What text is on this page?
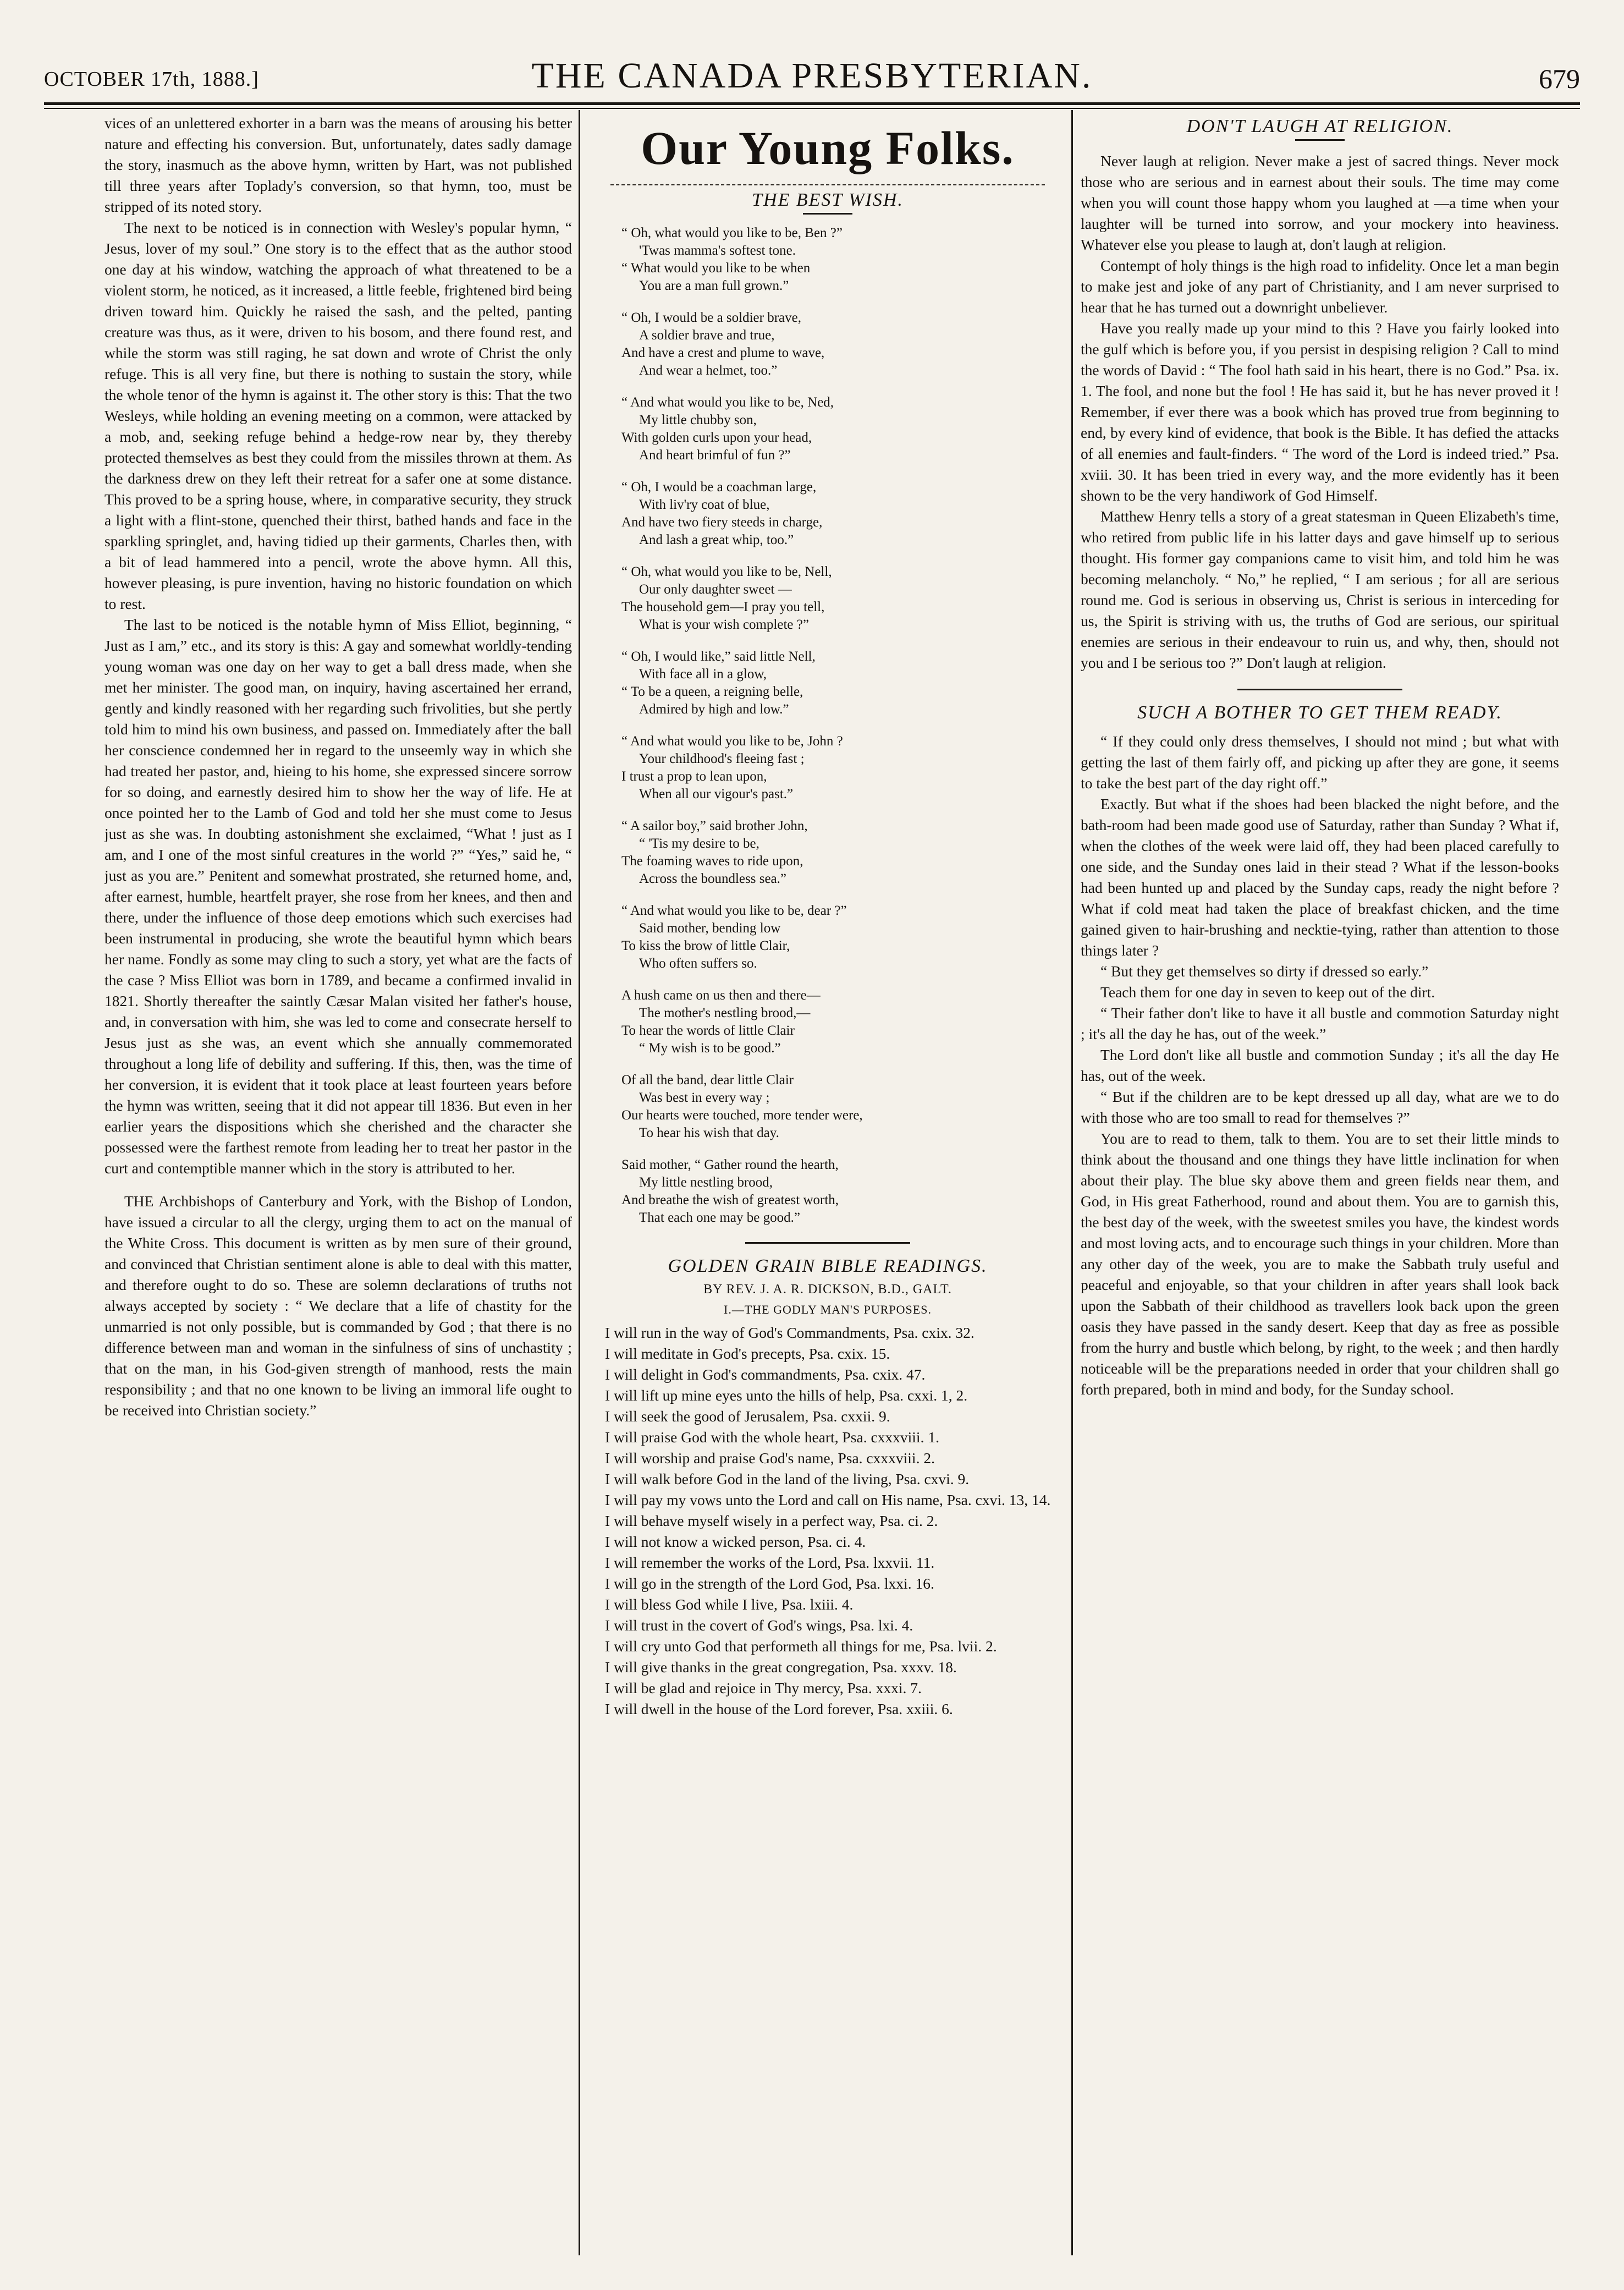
OCTOBER 17th, 1888.]	THE CANADA PRESBYTERIAN.	679

vices of an unlettered exhorter in a barn was the means of arousing his better nature and effecting his conversion. But, unfortunately, dates sadly damage the story, inasmuch as the above hymn, written by Hart, was not published till three years after Toplady's conversion, so that hymn, too, must be stripped of its noted story.

The next to be noticed is in connection with Wesley's popular hymn, “ Jesus, lover of my soul.” One story is to the effect that as the author stood one day at his window, watching the approach of what threatened to be a violent storm, he noticed, as it increased, a little feeble, frightened bird being driven toward him. Quickly he raised the sash, and the pelted, panting creature was thus, as it were, driven to his bosom, and there found rest, and while the storm was still raging, he sat down and wrote of Christ the only refuge. This is all very fine, but there is nothing to sustain the story, while the whole tenor of the hymn is against it. The other story is this: That the two Wesleys, while holding an evening meeting on a common, were attacked by a mob, and, seeking refuge behind a hedge-row near by, they thereby protected themselves as best they could from the missiles thrown at them. As the darkness drew on they left their retreat for a safer one at some distance. This proved to be a spring house, where, in comparative security, they struck a light with a flint-stone, quenched their thirst, bathed hands and face in the sparkling springlet, and, having tidied up their garments, Charles then, with a bit of lead hammered into a pencil, wrote the above hymn. All this, however pleasing, is pure invention, having no historic foundation on which to rest.

The last to be noticed is the notable hymn of Miss Elliot, beginning, “ Just as I am,” etc., and its story is this: A gay and somewhat worldly-tending young woman was one day on her way to get a ball dress made, when she met her minister. The good man, on inquiry, having ascertained her errand, gently and kindly reasoned with her regarding such frivolities, but she pertly told him to mind his own business, and passed on. Immediately after the ball her conscience condemned her in regard to the unseemly way in which she had treated her pastor, and, hieing to his home, she expressed sincere sorrow for so doing, and earnestly desired him to show her the way of life. He at once pointed her to the Lamb of God and told her she must come to Jesus just as she was. In doubting astonishment she exclaimed, “What ! just as I am, and I one of the most sinful creatures in the world ?” “Yes,” said he, “ just as you are.” Penitent and somewhat prostrated, she returned home, and, after earnest, humble, heartfelt prayer, she rose from her knees, and then and there, under the influence of those deep emotions which such exercises had been instrumental in producing, she wrote the beautiful hymn which bears her name. Fondly as some may cling to such a story, yet what are the facts of the case ? Miss Elliot was born in 1789, and became a confirmed invalid in 1821. Shortly thereafter the saintly Cæsar Malan visited her father's house, and, in conversation with him, she was led to come and consecrate herself to Jesus just as she was, an event which she annually commemorated throughout a long life of debility and suffering. If this, then, was the time of her conversion, it is evident that it took place at least fourteen years before the hymn was written, seeing that it did not appear till 1836. But even in her earlier years the dispositions which she cherished and the character she possessed were the farthest remote from leading her to treat her pastor in the curt and contemptible manner which in the story is attributed to her.

THE Archbishops of Canterbury and York, with the Bishop of London, have issued a circular to all the clergy, urging them to act on the manual of the White Cross. This document is written as by men sure of their ground, and convinced that Christian sentiment alone is able to deal with this matter, and therefore ought to do so. These are solemn declarations of truths not always accepted by society : “ We declare that a life of chastity for the unmarried is not only possible, but is commanded by God ; that there is no difference between man and woman in the sinfulness of sins of unchastity ; that on the man, in his God-given strength of manhood, rests the main responsibility ; and that no one known to be living an immoral life ought to be received into Christian society.”

Our Young Folks.
THE BEST WISH.
“ Oh, what would you like to be, Ben ?”
'Twas mamma's softest tone.
“ What would you like to be when
You are a man full grown.”
“ Oh, I would be a soldier brave,
A soldier brave and true,
And have a crest and plume to wave,
And wear a helmet, too.”
“ And what would you like to be, Ned,
My little chubby son,
With golden curls upon your head,
And heart brimful of fun ?”
“ Oh, I would be a coachman large,
With liv'ry coat of blue,
And have two fiery steeds in charge,
And lash a great whip, too.”
“ Oh, what would you like to be, Nell,
Our only daughter sweet —
The household gem—I pray you tell,
What is your wish complete ?”
“ Oh, I would like,” said little Nell,
With face all in a glow,
“ To be a queen, a reigning belle,
Admired by high and low.”
“ And what would you like to be, John ?
Your childhood's fleeing fast ;
I trust a prop to lean upon,
When all our vigour's past.”
“ A sailor boy,” said brother John,
“ 'Tis my desire to be,
The foaming waves to ride upon,
Across the boundless sea.”
“ And what would you like to be, dear ?”
Said mother, bending low
To kiss the brow of little Clair,
Who often suffers so.
A hush came on us then and there—
The mother's nestling brood,—
To hear the words of little Clair
“ My wish is to be good.”
Of all the band, dear little Clair
Was best in every way ;
Our hearts were touched, more tender were,
To hear his wish that day.
Said mother, “ Gather round the hearth,
My little nestling brood,
And breathe the wish of greatest worth,
That each one may be good.”
GOLDEN GRAIN BIBLE READINGS.
BY REV. J. A. R. DICKSON, B.D., GALT.
I.—THE GODLY MAN'S PURPOSES.

I will run in the way of God's Commandments, Psa. cxix. 32.

I will meditate in God's precepts, Psa. cxix. 15.

I will delight in God's commandments, Psa. cxix. 47.

I will lift up mine eyes unto the hills of help, Psa. cxxi. 1, 2.

I will seek the good of Jerusalem, Psa. cxxii. 9.

I will praise God with the whole heart, Psa. cxxxviii. 1.

I will worship and praise God's name, Psa. cxxxviii. 2.

I will walk before God in the land of the living, Psa. cxvi. 9.

I will pay my vows unto the Lord and call on His name, Psa. cxvi. 13, 14.

I will behave myself wisely in a perfect way, Psa. ci. 2.

I will not know a wicked person, Psa. ci. 4.

I will remember the works of the Lord, Psa. lxxvii. 11.

I will go in the strength of the Lord God, Psa. lxxi. 16.

I will bless God while I live, Psa. lxiii. 4.

I will trust in the covert of God's wings, Psa. lxi. 4.

I will cry unto God that performeth all things for me, Psa. lvii. 2.

I will give thanks in the great congregation, Psa. xxxv. 18.

I will be glad and rejoice in Thy mercy, Psa. xxxi. 7.

I will dwell in the house of the Lord forever, Psa. xxiii. 6.

DON'T LAUGH AT RELIGION.

Never laugh at religion. Never make a jest of sacred things. Never mock those who are serious and in earnest about their souls. The time may come when you will count those happy whom you laughed at —a time when your laughter will be turned into sorrow, and your mockery into heaviness. Whatever else you please to laugh at, don't laugh at religion.

Contempt of holy things is the high road to infidelity. Once let a man begin to make jest and joke of any part of Christianity, and I am never surprised to hear that he has turned out a downright unbeliever.

Have you really made up your mind to this ? Have you fairly looked into the gulf which is before you, if you persist in despising religion ? Call to mind the words of David : “ The fool hath said in his heart, there is no God.” Psa. ix. 1. The fool, and none but the fool ! He has said it, but he has never proved it ! Remember, if ever there was a book which has proved true from beginning to end, by every kind of evidence, that book is the Bible. It has defied the attacks of all enemies and fault-finders. “ The word of the Lord is indeed tried.” Psa. xviii. 30. It has been tried in every way, and the more evidently has it been shown to be the very handiwork of God Himself.

Matthew Henry tells a story of a great statesman in Queen Elizabeth's time, who retired from public life in his latter days and gave himself up to serious thought. His former gay companions came to visit him, and told him he was becoming melancholy. “ No,” he replied, “ I am serious ; for all are serious round me. God is serious in observing us, Christ is serious in interceding for us, the Spirit is striving with us, the truths of God are serious, our spiritual enemies are serious in their endeavour to ruin us, and why, then, should not you and I be serious too ?” Don't laugh at religion.

SUCH A BOTHER TO GET THEM READY.

“ If they could only dress themselves, I should not mind ; but what with getting the last of them fairly off, and picking up after they are gone, it seems to take the best part of the day right off.”

Exactly. But what if the shoes had been blacked the night before, and the bath-room had been made good use of Saturday, rather than Sunday ? What if, when the clothes of the week were laid off, they had been placed carefully to one side, and the Sunday ones laid in their stead ? What if the lesson-books had been hunted up and placed by the Sunday caps, ready the night before ? What if cold meat had taken the place of breakfast chicken, and the time gained given to hair-brushing and necktie-tying, rather than attention to those things later ?

“ But they get themselves so dirty if dressed so early.”

Teach them for one day in seven to keep out of the dirt.

“ Their father don't like to have it all bustle and commotion Saturday night ; it's all the day he has, out of the week.”

The Lord don't like all bustle and commotion Sunday ; it's all the day He has, out of the week.

“ But if the children are to be kept dressed up all day, what are we to do with those who are too small to read for themselves ?”

You are to read to them, talk to them. You are to set their little minds to think about the thousand and one things they have little inclination for when about their play. The blue sky above them and green fields near them, and God, in His great Fatherhood, round and about them. You are to garnish this, the best day of the week, with the sweetest smiles you have, the kindest words and most loving acts, and to encourage such things in your children. More than any other day of the week, you are to make the Sabbath truly useful and peaceful and enjoyable, so that your children in after years shall look back upon the Sabbath of their childhood as travellers look back upon the green oasis they have passed in the sandy desert. Keep that day as free as possible from the hurry and bustle which belong, by right, to the week ; and then hardly noticeable will be the preparations needed in order that your children shall go forth prepared, both in mind and body, for the Sunday school.
